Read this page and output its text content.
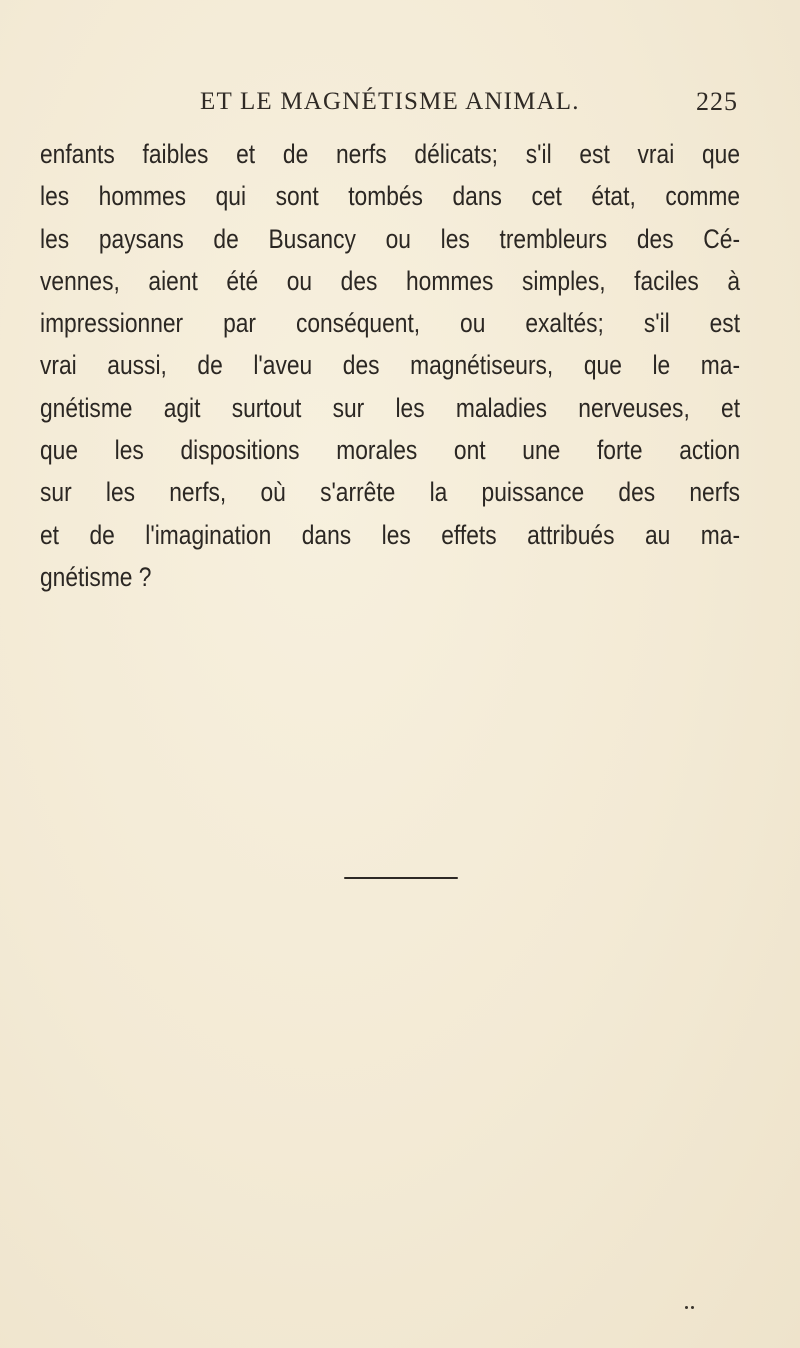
ET LE MAGNÉTISME ANIMAL.	225
enfants faibles et de nerfs délicats; s'il est vrai que
les hommes qui sont tombés dans cet état, comme
les paysans de Busancy ou les trembleurs des Cé-
vennes, aient été ou des hommes simples, faciles à
impressionner par conséquent, ou exaltés; s'il est
vrai aussi, de l'aveu des magnétiseurs, que le ma-
gnétisme agit surtout sur les maladies nerveuses, et
que les dispositions morales ont une forte action
sur les nerfs, où s'arrête la puissance des nerfs
et de l'imagination dans les effets attribués au ma-
gnétisme ?
